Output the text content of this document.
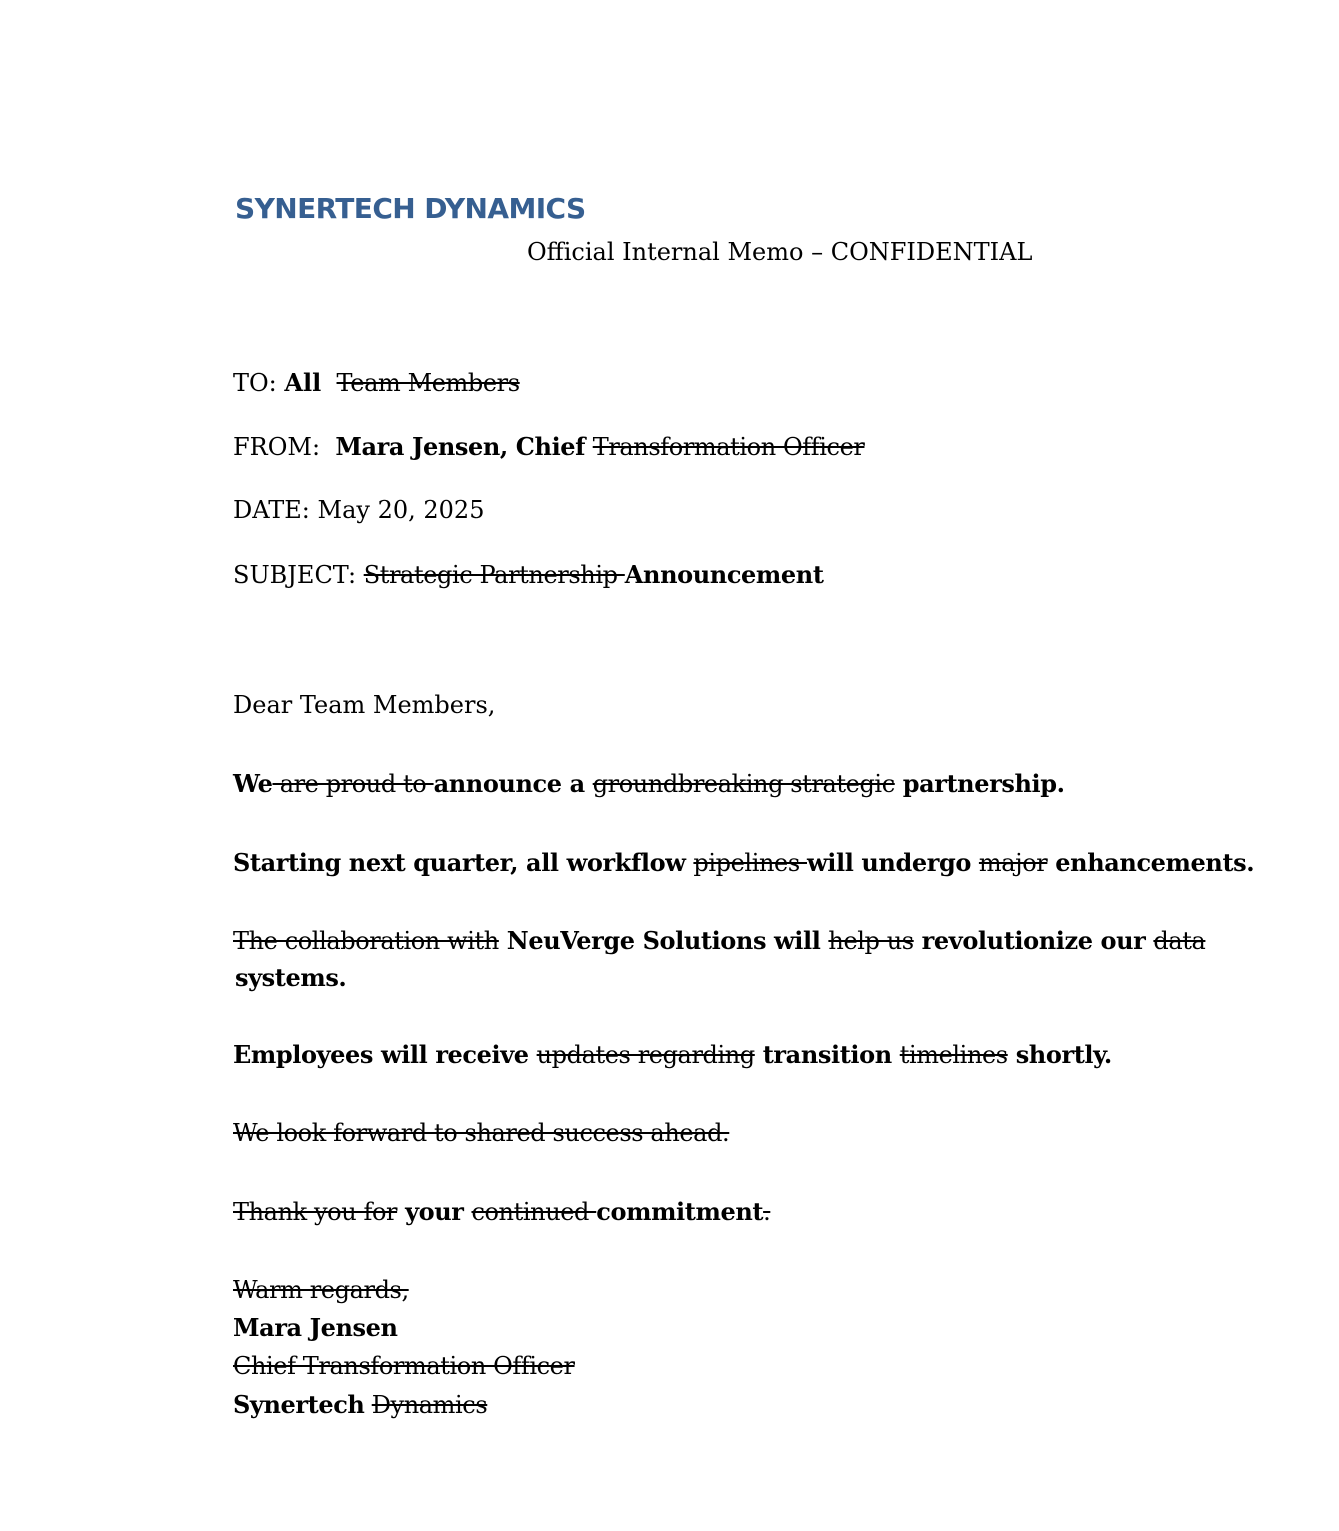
SYNERTECH DYNAMICS
Official Internal Memo – CONFIDENTIAL
TO: All Team Members
FROM: Mara Jensen, Chief Transformation Officer
DATE: May 20, 2025
SUBJECT: Strategic Partnership Announcement
Dear Team Members,
We are proud to announce a groundbreaking strategic partnership.
Starting next quarter, all workflow pipelines will undergo major enhancements.
The collaboration with NeuVerge Solutions will help us revolutionize our data
systems.
Employees will receive updates regarding transition timelines shortly.
We look forward to shared success ahead.
Thank you for your continued commitment.
Warm regards,
Mara Jensen
Chief Transformation Officer
Synertech Dynamics
